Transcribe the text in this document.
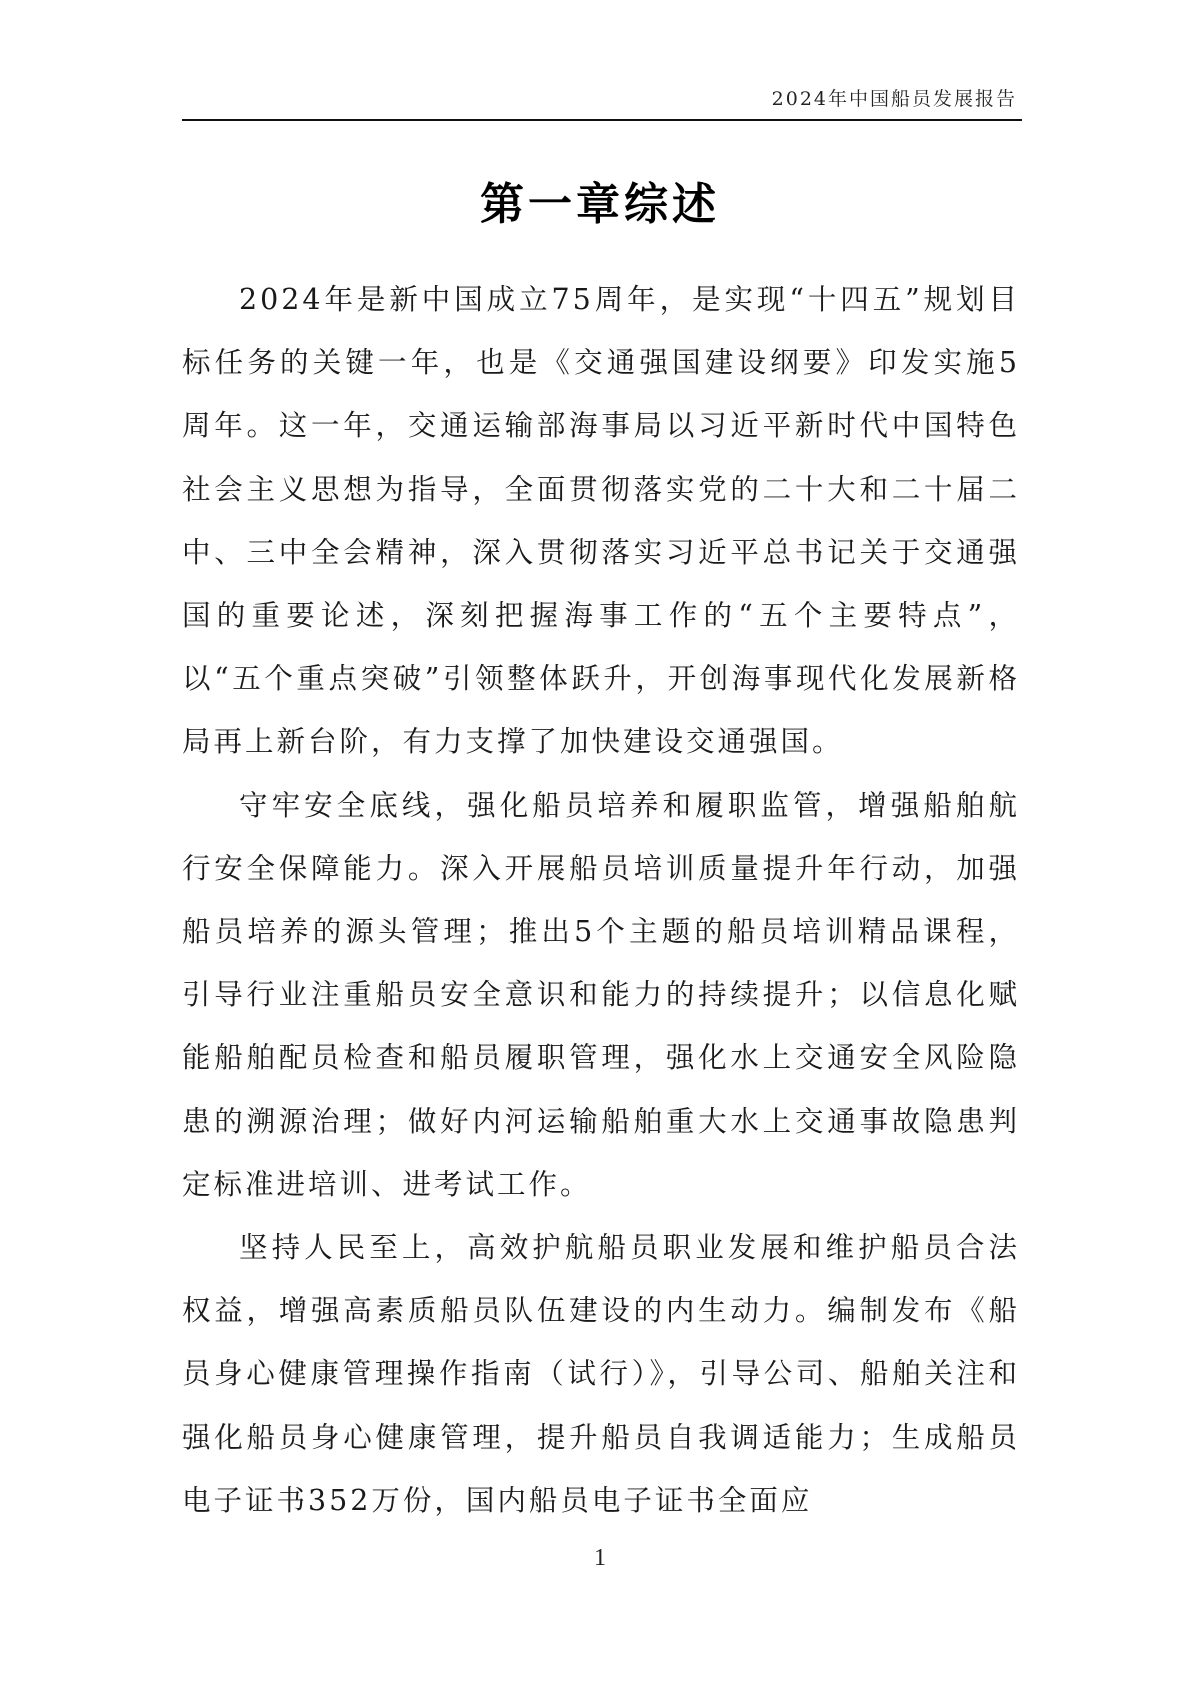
2024年中国船员发展报告
第一章综述

2024年是新中国成立75周年，是实现“十四五”规划目标任务的关键一年，也是《交通强国建设纲要》印发实施5周年。这一年，交通运输部海事局以习近平新时代中国特色社会主义思想为指导，全面贯彻落实党的二十大和二十届二中、三中全会精神，深入贯彻落实习近平总书记关于交通强国的重要论述，深刻把握海事工作的“五个主要特点”，以“五个重点突破”引领整体跃升，开创海事现代化发展新格局再上新台阶，有力支撑了加快建设交通强国。

守牢安全底线，强化船员培养和履职监管，增强船舶航行安全保障能力。深入开展船员培训质量提升年行动，加强船员培养的源头管理；推出5个主题的船员培训精品课程，引导行业注重船员安全意识和能力的持续提升；以信息化赋能船舶配员检查和船员履职管理，强化水上交通安全风险隐患的溯源治理；做好内河运输船舶重大水上交通事故隐患判定标准进培训、进考试工作。

坚持人民至上，高效护航船员职业发展和维护船员合法权益，增强高素质船员队伍建设的内生动力。编制发布《船员身心健康管理操作指南（试行）》，引导公司、船舶关注和强化船员身心健康管理，提升船员自我调适能力；生成船员电子证书352万份，国内船员电子证书全面应

1
